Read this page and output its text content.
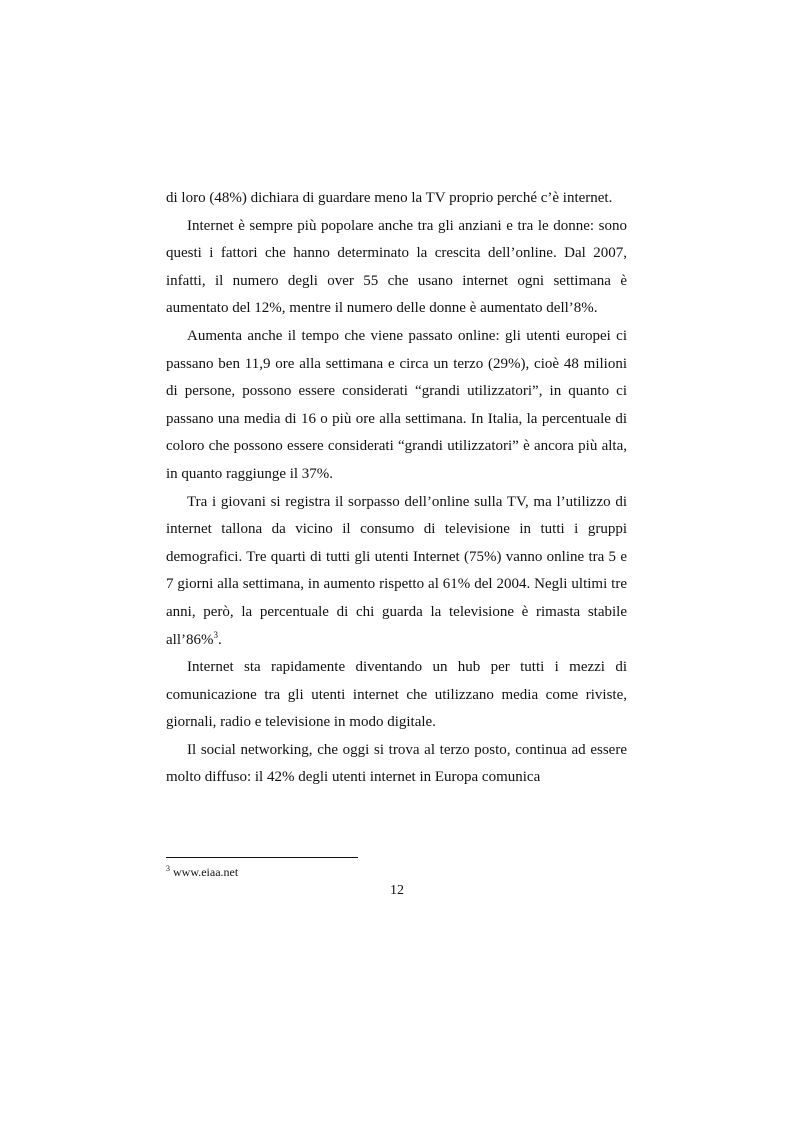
di loro (48%) dichiara di guardare meno la TV proprio perché c’è internet.

Internet è sempre più popolare anche tra gli anziani e tra le donne: sono questi i fattori che hanno determinato la crescita dell’online. Dal 2007, infatti, il numero degli over 55 che usano internet ogni settimana è aumentato del 12%, mentre il numero delle donne è aumentato dell’8%.

Aumenta anche il tempo che viene passato online: gli utenti europei ci passano ben 11,9 ore alla settimana e circa un terzo (29%), cioè 48 milioni di persone, possono essere considerati “grandi utilizzatori”, in quanto ci passano una media di 16 o più ore alla settimana. In Italia, la percentuale di coloro che possono essere considerati “grandi utilizzatori” è ancora più alta, in quanto raggiunge il 37%.

Tra i giovani si registra il sorpasso dell’online sulla TV, ma l’utilizzo di internet tallona da vicino il consumo di televisione in tutti i gruppi demografici. Tre quarti di tutti gli utenti Internet (75%) vanno online tra 5 e 7 giorni alla settimana, in aumento rispetto al 61% del 2004. Negli ultimi tre anni, però, la percentuale di chi guarda la televisione è rimasta stabile all’86%$^3$.

Internet sta rapidamente diventando un hub per tutti i mezzi di comunicazione tra gli utenti internet che utilizzano media come riviste, giornali, radio e televisione in modo digitale.

Il social networking, che oggi si trova al terzo posto, continua ad essere molto diffuso: il 42% degli utenti internet in Europa comunica

$^3$ www.eiaa.net
12
